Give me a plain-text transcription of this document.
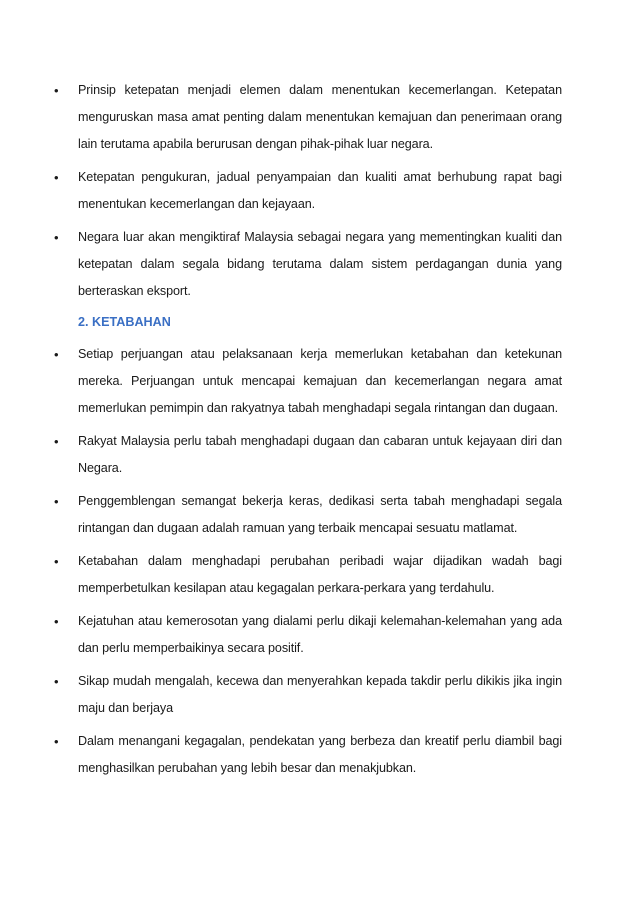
• Prinsip ketepatan menjadi elemen dalam menentukan kecemerlangan. Ketepatan menguruskan masa amat penting dalam menentukan kemajuan dan penerimaan orang lain terutama apabila berurusan dengan pihak-pihak luar negara.
• Ketepatan pengukuran, jadual penyampaian dan kualiti amat berhubung rapat bagi menentukan kecemerlangan dan kejayaan.
• Negara luar akan mengiktiraf Malaysia sebagai negara yang mementingkan kualiti dan ketepatan dalam segala bidang terutama dalam sistem perdagangan dunia yang berteraskan eksport.
2. KETABAHAN
• Setiap perjuangan atau pelaksanaan kerja memerlukan ketabahan dan ketekunan mereka. Perjuangan untuk mencapai kemajuan dan kecemerlangan negara amat memerlukan pemimpin dan rakyatnya tabah menghadapi segala rintangan dan dugaan.
• Rakyat Malaysia perlu tabah menghadapi dugaan dan cabaran untuk kejayaan diri dan Negara.
• Penggemblengan semangat bekerja keras, dedikasi serta tabah menghadapi segala rintangan dan dugaan adalah ramuan yang terbaik mencapai sesuatu matlamat.
• Ketabahan dalam menghadapi perubahan peribadi wajar dijadikan wadah bagi memperbetulkan kesilapan atau kegagalan perkara-perkara yang terdahulu.
• Kejatuhan atau kemerosotan yang dialami perlu dikaji kelemahan-kelemahan yang ada dan perlu memperbaikinya secara positif.
• Sikap mudah mengalah, kecewa dan menyerahkan kepada takdir perlu dikikis jika ingin maju dan berjaya
• Dalam menangani kegagalan, pendekatan yang berbeza dan kreatif perlu diambil bagi menghasilkan perubahan yang lebih besar dan menakjubkan.
